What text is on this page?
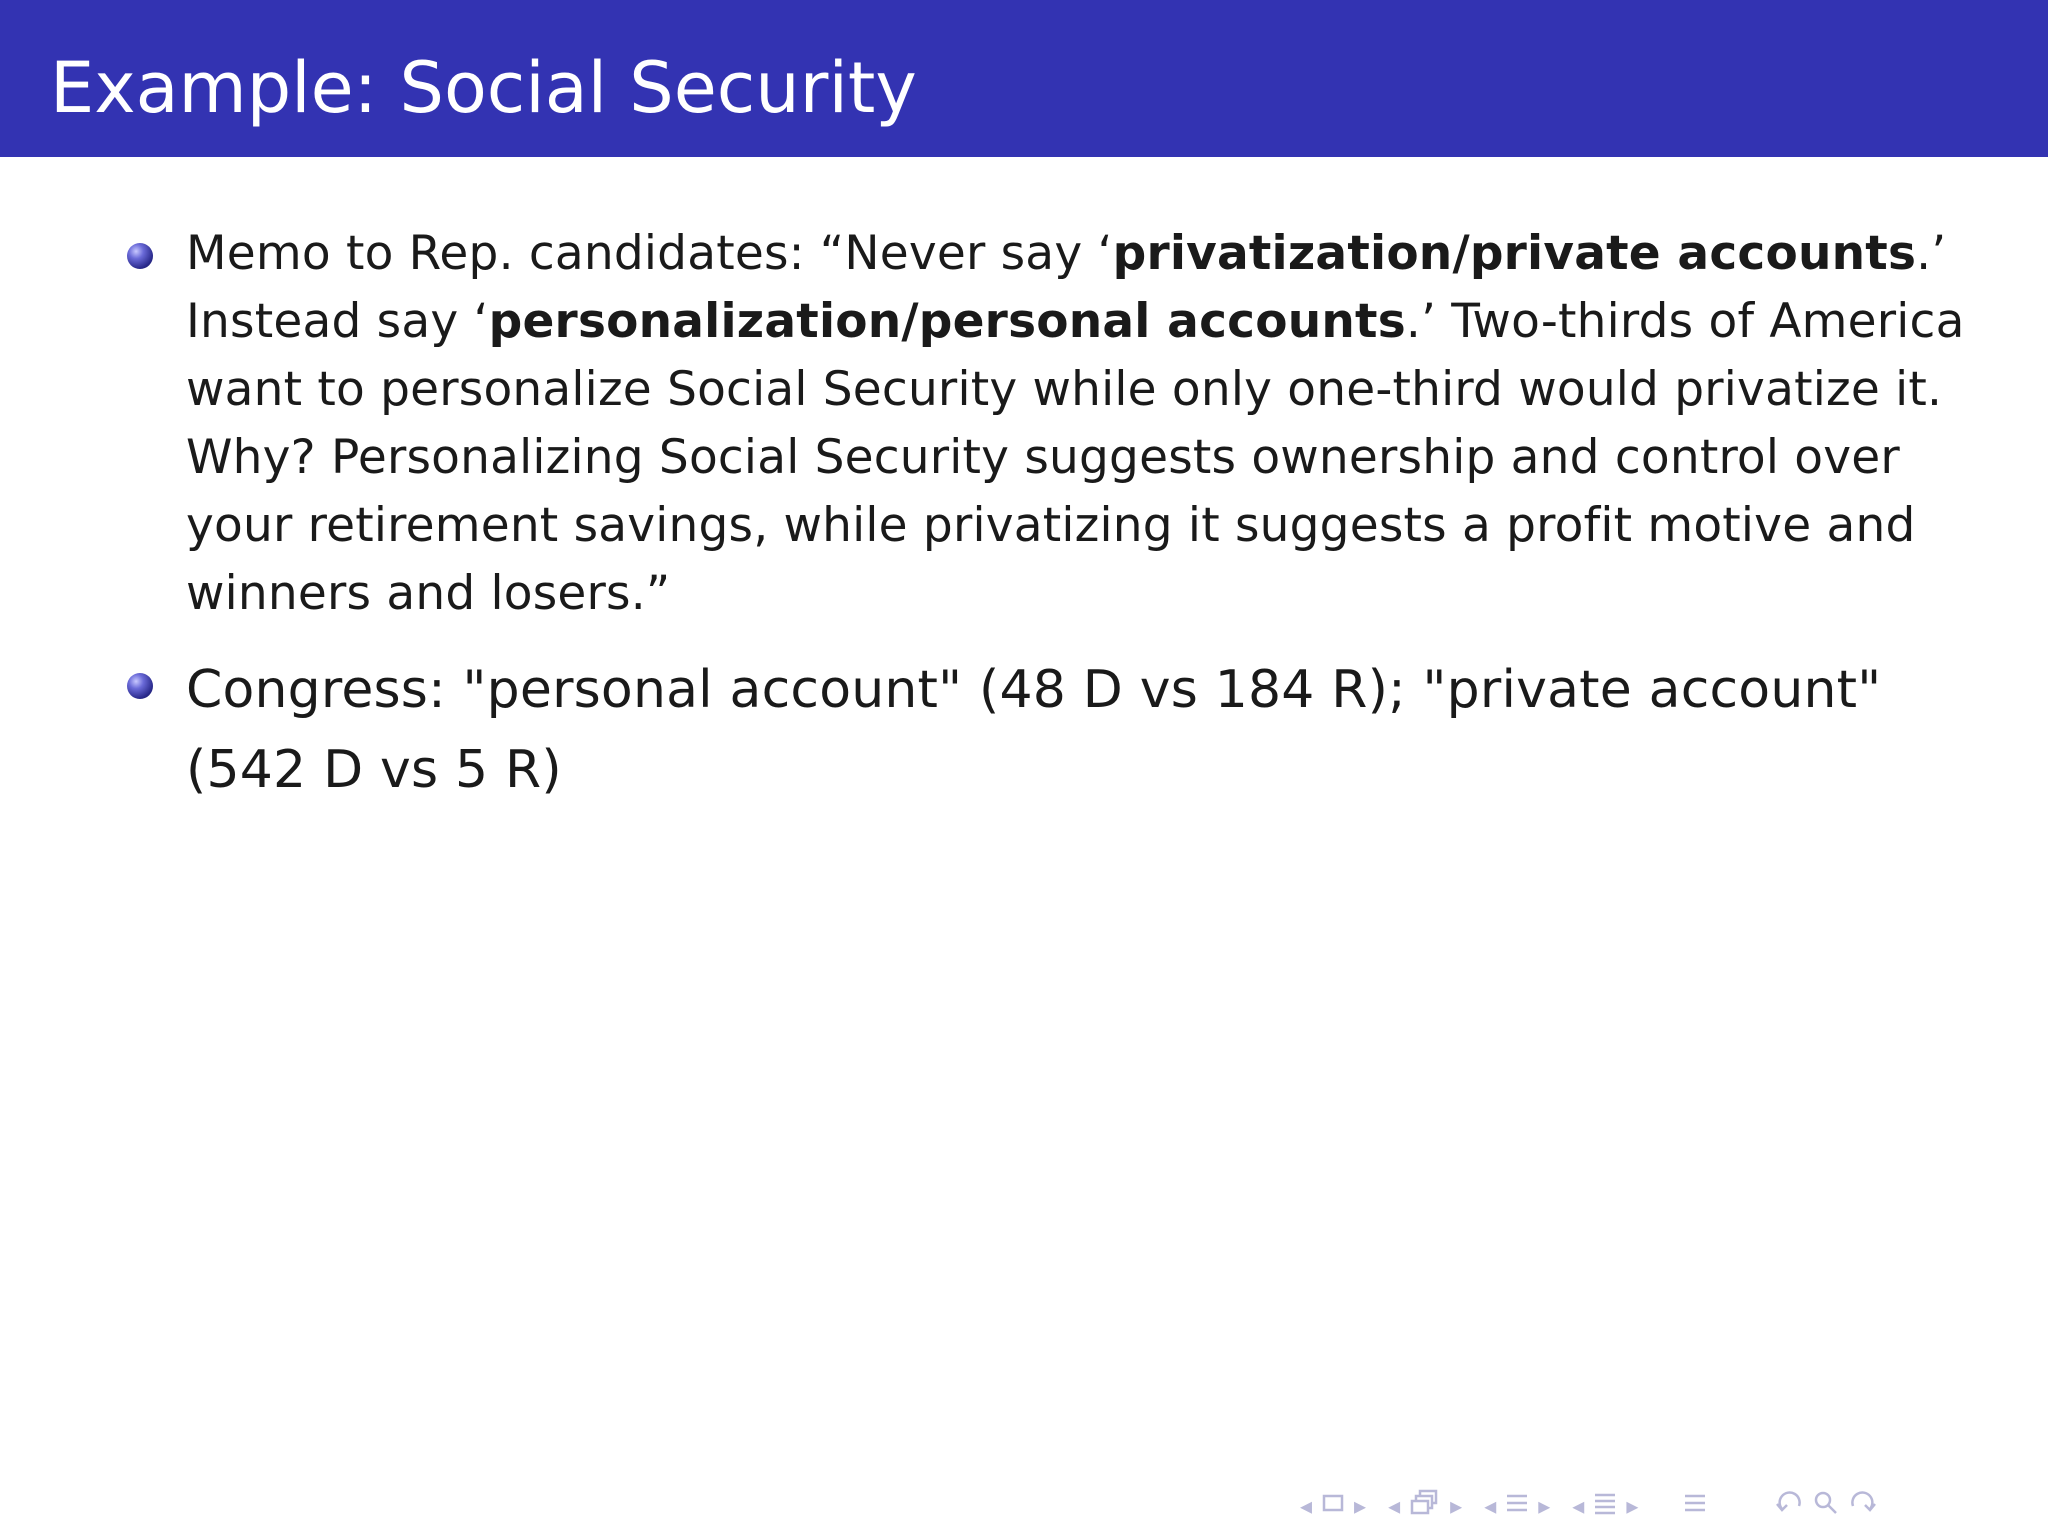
Example: Social Security
Memo to Rep. candidates: “Never say ‘privatization/private accounts.’
Instead say ‘personalization/personal accounts.’ Two-thirds of America
want to personalize Social Security while only one-third would privatize it.
Why? Personalizing Social Security suggests ownership and control over
your retirement savings, while privatizing it suggests a profit motive and
winners and losers.”
Congress: "personal account" (48 D vs 184 R); "private account"
(542 D vs 5 R)
◂ ▸ ◂ ▸ ◂ ▸ ◂ ▸
